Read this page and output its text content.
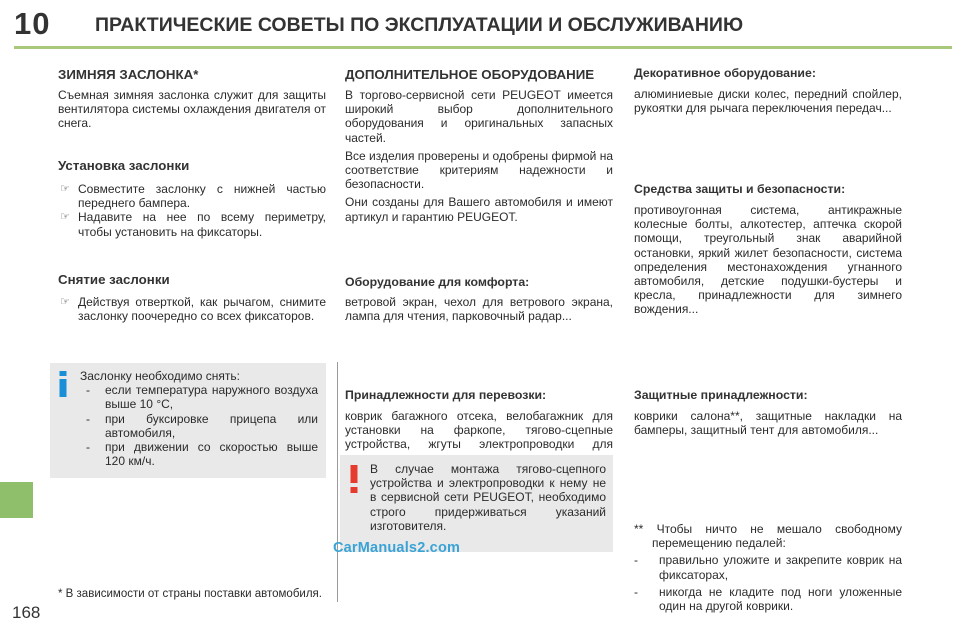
10 ПРАКТИЧЕСКИЕ СОВЕТЫ ПО ЭКСПЛУАТАЦИИ И ОБСЛУЖИВАНИЮ
168
ЗИМНЯЯ ЗАСЛОНКА*

Съемная зимняя заслонка служит для защиты вентилятора системы охлаждения двигателя от снега.

Установка заслонки
☞ Совместите заслонку с нижней частью переднего бампера.
☞ Надавите на нее по всему периметру, чтобы установить на фиксаторы.
Снятие заслонки
☞ Действуя отверткой, как рычагом, снимите заслонку поочередно со всех фиксаторов.
Заслонку необходимо снять:
- если температура наружного воздуха выше 10 °C,
- при буксировке прицепа или автомобиля,
- при движении со скоростью выше 120 км/ч.
* В зависимости от страны поставки автомобиля.
ДОПОЛНИТЕЛЬНОЕ ОБОРУДОВАНИЕ

В торгово-сервисной сети PEUGEOT имеется широкий выбор дополнительного оборудования и оригинальных запасных частей.

Все изделия проверены и одобрены фирмой на соответствие критериям надежности и безопасности.

Они созданы для Вашего автомобиля и имеют артикул и гарантию PEUGEOT.

Оборудование для комфорта:

ветровой экран, чехол для ветрового экрана, лампа для чтения, парковочный радар...

Принадлежности для перевозки:

коврик багажного отсека, велобагажник для установки на фаркопе, тягово-сцепные устройства, жгуты электропроводки для

В случае монтажа тягово-сцепного устройства и электропроводки к нему не в сервисной сети PEUGEOT, необходимо строго придерживаться указаний изготовителя.

CarManuals2.com
Декоративное оборудование:

алюминиевые диски колес, передний спойлер, рукоятки для рычага переключения передач...

Средства защиты и безопасности:

противоугонная система, антикражные колесные болты, алкотестер, аптечка скорой помощи, треугольный знак аварийной остановки, яркий жилет безопасности, система определения местонахождения угнанного автомобиля, детские подушки-бустеры и кресла, принадлежности для зимнего вождения...

Защитные принадлежности:

коврики салона**, защитные накладки на бамперы, защитный тент для автомобиля...

** Чтобы ничто не мешало свободному перемещению педалей:
- правильно уложите и закрепите коврик на фиксаторах,
- никогда не кладите под ноги уложенные один на другой коврики.
